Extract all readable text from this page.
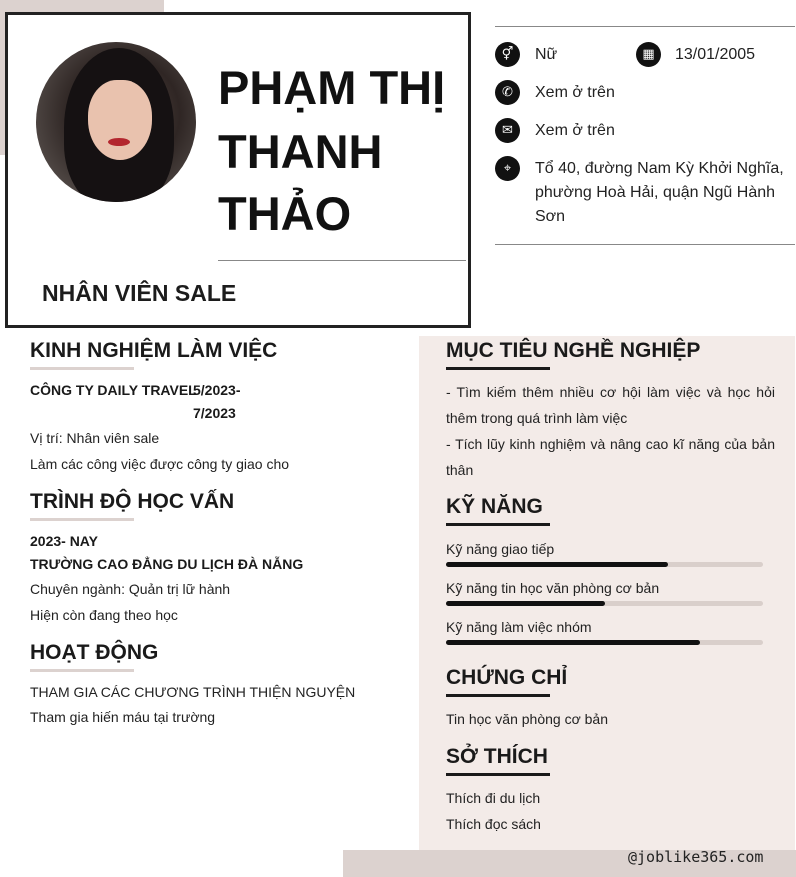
PHẠM THỊ
THANH
THẢO
NHÂN VIÊN SALE
⚥	Nữ	▦	13/01/2005
✆	Xem ở trên
✉	Xem ở trên
⌖	Tổ 40, đường Nam Kỳ Khởi Nghĩa,
phường Hoà Hải, quận Ngũ Hành
Sơn
KINH NGHIỆM LÀM VIỆC
CÔNG TY DAILY TRAVEL
5/2023-
7/2023
Vị trí: Nhân viên sale
Làm các công việc được công ty giao cho
TRÌNH ĐỘ HỌC VẤN
2023- NAY
TRƯỜNG CAO ĐẲNG DU LỊCH ĐÀ NẴNG
Chuyên ngành: Quản trị lữ hành
Hiện còn đang theo học
HOẠT ĐỘNG
THAM GIA CÁC CHƯƠNG TRÌNH THIỆN NGUYỆN
Tham gia hiến máu tại trường
MỤC TIÊU NGHỀ NGHIỆP
- Tìm kiếm thêm nhiều cơ hội làm việc và học hỏi thêm trong quá trình làm việc
- Tích lũy kinh nghiệm và nâng cao kĩ năng của bản thân
KỸ NĂNG
Kỹ năng giao tiếp
Kỹ năng tin học văn phòng cơ bản
Kỹ năng làm việc nhóm
CHỨNG CHỈ
Tin học văn phòng cơ bản
SỞ THÍCH
Thích đi du lịch
Thích đọc sách
@joblike365.com
